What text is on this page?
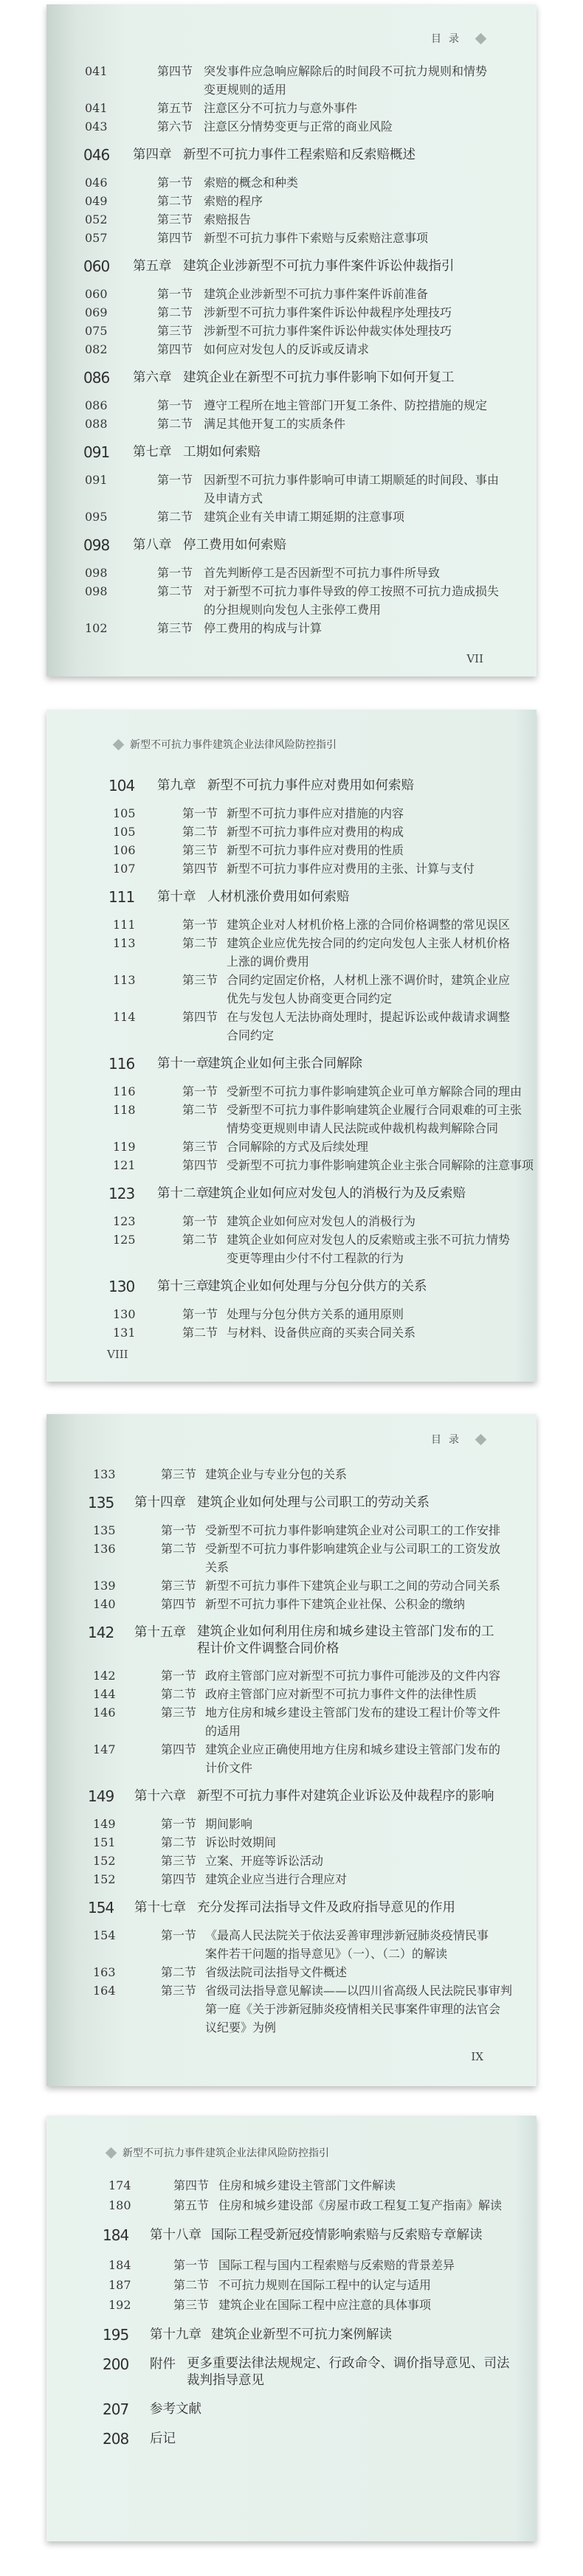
目录
041	第四节 突发事件应急响应解除后的时间段不可抗力规则和情势
变更规则的适用
041	第五节 注意区分不可抗力与意外事件
043	第六节 注意区分情势变更与正常的商业风险
046 第四章 新型不可抗力事件工程索赔和反索赔概述
046	第一节 索赔的概念和种类
049	第二节 索赔的程序
052	第三节 索赔报告
057	第四节 新型不可抗力事件下索赔与反索赔注意事项
060 第五章 建筑企业涉新型不可抗力事件案件诉讼仲裁指引
060	第一节 建筑企业涉新型不可抗力事件案件诉前准备
069	第二节 涉新型不可抗力事件案件诉讼仲裁程序处理技巧
075	第三节 涉新型不可抗力事件案件诉讼仲裁实体处理技巧
082	第四节 如何应对发包人的反诉或反请求
086 第六章 建筑企业在新型不可抗力事件影响下如何开复工
086	第一节 遵守工程所在地主管部门开复工条件、防控措施的规定
088	第二节 满足其他开复工的实质条件
091 第七章 工期如何索赔
091	第一节 因新型不可抗力事件影响可申请工期顺延的时间段、事由
及申请方式
095	第二节 建筑企业有关申请工期延期的注意事项
098 第八章 停工费用如何索赔
098	第一节 首先判断停工是否因新型不可抗力事件所导致
098	第二节 对于新型不可抗力事件导致的停工按照不可抗力造成损失
的分担规则向发包人主张停工费用
102	第三节 停工费用的构成与计算
VII
新型不可抗力事件建筑企业法律风险防控指引
104 第九章 新型不可抗力事件应对费用如何索赔
105	第一节 新型不可抗力事件应对措施的内容
105	第二节 新型不可抗力事件应对费用的构成
106	第三节 新型不可抗力事件应对费用的性质
107	第四节 新型不可抗力事件应对费用的主张、计算与支付
111 第十章 人材机涨价费用如何索赔
111	第一节 建筑企业对人材机价格上涨的合同价格调整的常见误区
113	第二节 建筑企业应优先按合同的约定向发包人主张人材机价格
上涨的调价费用
113	第三节 合同约定固定价格，人材机上涨不调价时，建筑企业应
优先与发包人协商变更合同约定
114	第四节 在与发包人无法协商处理时，提起诉讼或仲裁请求调整
合同约定
116 第十一章
建筑企业如何主张合同解除
116	第一节 受新型不可抗力事件影响建筑企业可单方解除合同的理由
118	第二节 受新型不可抗力事件影响建筑企业履行合同艰难的可主张
情势变更规则申请人民法院或仲裁机构裁判解除合同
119	第三节 合同解除的方式及后续处理
121	第四节 受新型不可抗力事件影响建筑企业主张合同解除的注意事项
123 第十二章
建筑企业如何应对发包人的消极行为及反索赔
123	第一节 建筑企业如何应对发包人的消极行为
125	第二节 建筑企业如何应对发包人的反索赔或主张不可抗力情势
变更等理由少付不付工程款的行为
130 第十三章
建筑企业如何处理与分包分供方的关系
130	第一节 处理与分包分供方关系的通用原则
131	第二节 与材料、设备供应商的买卖合同关系
VIII
目录
133	第三节 建筑企业与专业分包的关系
135 第十四章 建筑企业如何处理与公司职工的劳动关系
135	第一节 受新型不可抗力事件影响建筑企业对公司职工的工作安排
136	第二节 受新型不可抗力事件影响建筑企业与公司职工的工资发放
关系
139	第三节 新型不可抗力事件下建筑企业与职工之间的劳动合同关系
140	第四节 新型不可抗力事件下建筑企业社保、公积金的缴纳
142 第十五章 建筑企业如何利用住房和城乡建设主管部门发布的工
程计价文件调整合同价格
142	第一节 政府主管部门应对新型不可抗力事件可能涉及的文件内容
144	第二节 政府主管部门应对新型不可抗力事件文件的法律性质
146	第三节 地方住房和城乡建设主管部门发布的建设工程计价等文件
的适用
147	第四节 建筑企业应正确使用地方住房和城乡建设主管部门发布的
计价文件
149 第十六章 新型不可抗力事件对建筑企业诉讼及仲裁程序的影响
149	第一节 期间影响
151	第二节 诉讼时效期间
152	第三节 立案、开庭等诉讼活动
152	第四节 建筑企业应当进行合理应对
154 第十七章 充分发挥司法指导文件及政府指导意见的作用
154	第一节 《最高人民法院关于依法妥善审理涉新冠肺炎疫情民事
案件若干问题的指导意见》（一）、（二）的解读
163	第二节 省级法院司法指导文件概述
164	第三节 省级司法指导意见解读——以四川省高级人民法院民事审判
第一庭《关于涉新冠肺炎疫情相关民事案件审理的法官会
议纪要》为例
IX
新型不可抗力事件建筑企业法律风险防控指引
174	第四节 住房和城乡建设主管部门文件解读
180	第五节 住房和城乡建设部《房屋市政工程复工复产指南》解读
184 第十八章 国际工程受新冠疫情影响索赔与反索赔专章解读
184	第一节 国际工程与国内工程索赔与反索赔的背景差异
187	第二节 不可抗力规则在国际工程中的认定与适用
192	第三节 建筑企业在国际工程中应注意的具体事项
195 第十九章 建筑企业新型不可抗力案例解读
200 附件 更多重要法律法规规定、行政命令、调价指导意见、司法
裁判指导意见
207 参考文献
208 后记
